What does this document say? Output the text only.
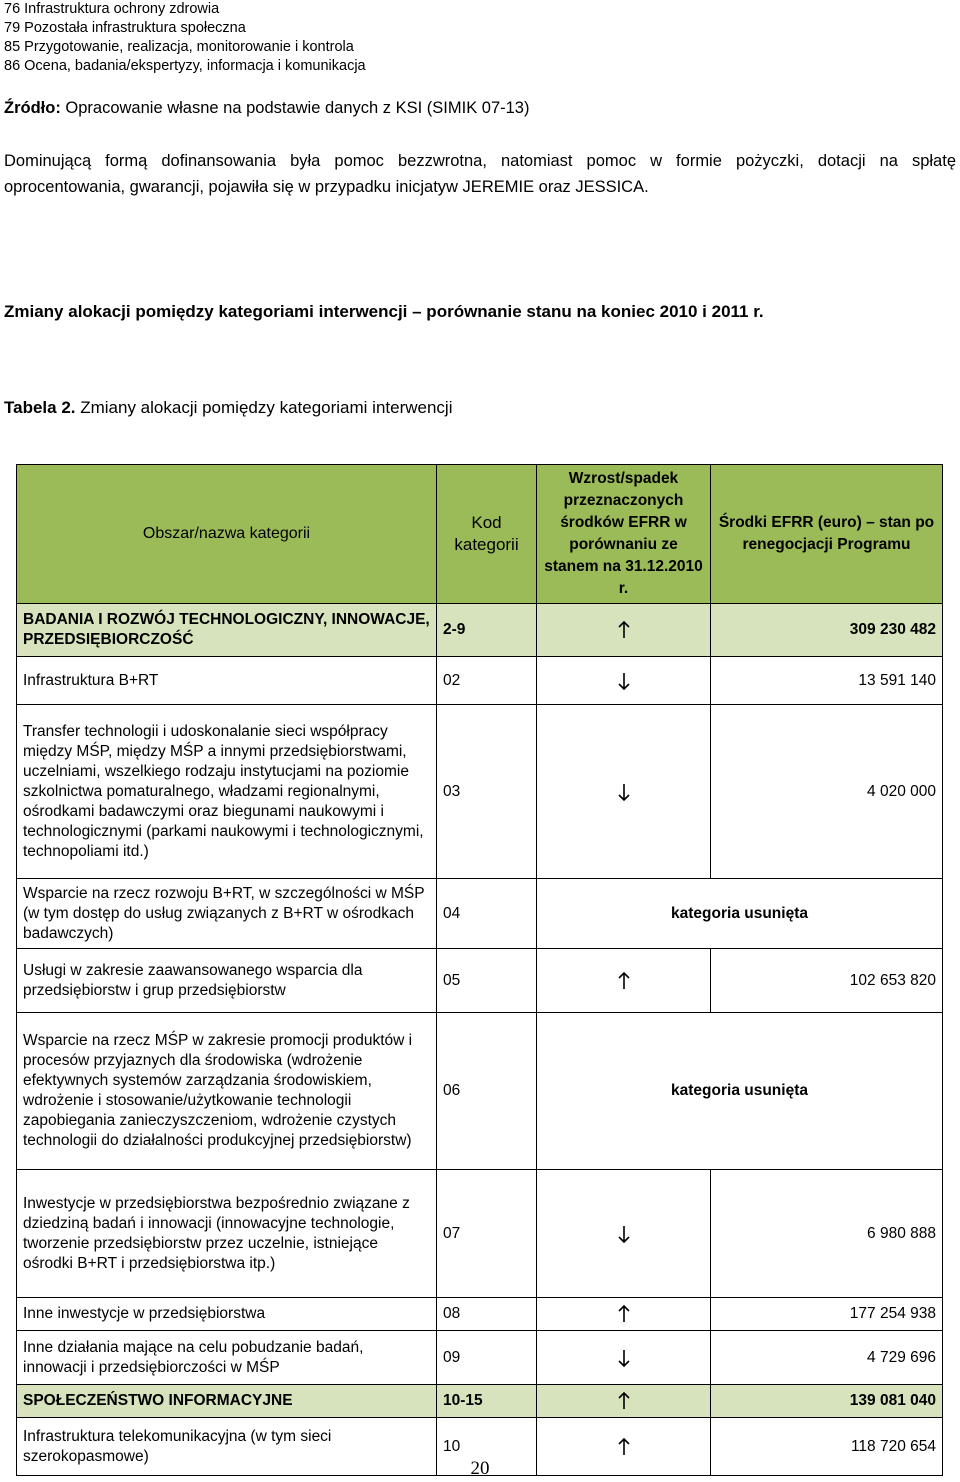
76 Infrastruktura ochrony zdrowia
79 Pozostała infrastruktura społeczna
85 Przygotowanie, realizacja, monitorowanie i kontrola
86 Ocena, badania/ekspertyzy, informacja i komunikacja
Źródło: Opracowanie własne na podstawie danych z KSI (SIMIK 07-13)
Dominującą formą dofinansowania była pomoc bezzwrotna, natomiast pomoc w formie pożyczki, dotacji na spłatę oprocentowania, gwarancji, pojawiła się w przypadku inicjatyw JEREMIE oraz JESSICA.
Zmiany alokacji pomiędzy kategoriami interwencji – porównanie stanu na koniec 2010 i 2011 r.
Tabela 2. Zmiany alokacji pomiędzy kategoriami interwencji
Obszar/nazwa kategorii	Kod kategorii	Wzrost/spadek przeznaczonych środków EFRR w porównaniu ze stanem na 31.12.2010 r.	Środki EFRR (euro) – stan po renegocjacji Programu
BADANIA I ROZWÓJ TECHNOLOGICZNY, INNOWACJE, PRZEDSIĘBIORCZOŚĆ	2-9		309 230 482
Infrastruktura B+RT	02		13 591 140
Transfer technologii i udoskonalanie sieci współpracy między MŚP, między MŚP a innymi przedsiębiorstwami, uczelniami, wszelkiego rodzaju instytucjami na poziomie szkolnictwa pomaturalnego, władzami regionalnymi, ośrodkami badawczymi oraz biegunami naukowymi i technologicznymi (parkami naukowymi i technologicznymi, technopoliami itd.)	03		4 020 000
Wsparcie na rzecz rozwoju B+RT, w szczególności w MŚP (w tym dostęp do usług związanych z B+RT w ośrodkach badawczych)	04	kategoria usunięta	
Usługi w zakresie zaawansowanego wsparcia dla przedsiębiorstw i grup przedsiębiorstw	05		102 653 820
Wsparcie na rzecz MŚP w zakresie promocji produktów i procesów przyjaznych dla środowiska (wdrożenie efektywnych systemów zarządzania środowiskiem, wdrożenie i stosowanie/użytkowanie technologii zapobiegania zanieczyszczeniom, wdrożenie czystych technologii do działalności produkcyjnej przedsiębiorstw)	06	kategoria usunięta	
Inwestycje w przedsiębiorstwa bezpośrednio związane z dziedziną badań i innowacji (innowacyjne technologie, tworzenie przedsiębiorstw przez uczelnie, istniejące ośrodki B+RT i przedsiębiorstwa itp.)	07		6 980 888
Inne inwestycje w przedsiębiorstwa	08		177 254 938
Inne działania mające na celu pobudzanie badań, innowacji i przedsiębiorczości w MŚP	09		4 729 696
SPOŁECZEŃSTWO INFORMACYJNE	10-15		139 081 040
Infrastruktura telekomunikacyjna (w tym sieci szerokopasmowe)	10		118 720 654
20
